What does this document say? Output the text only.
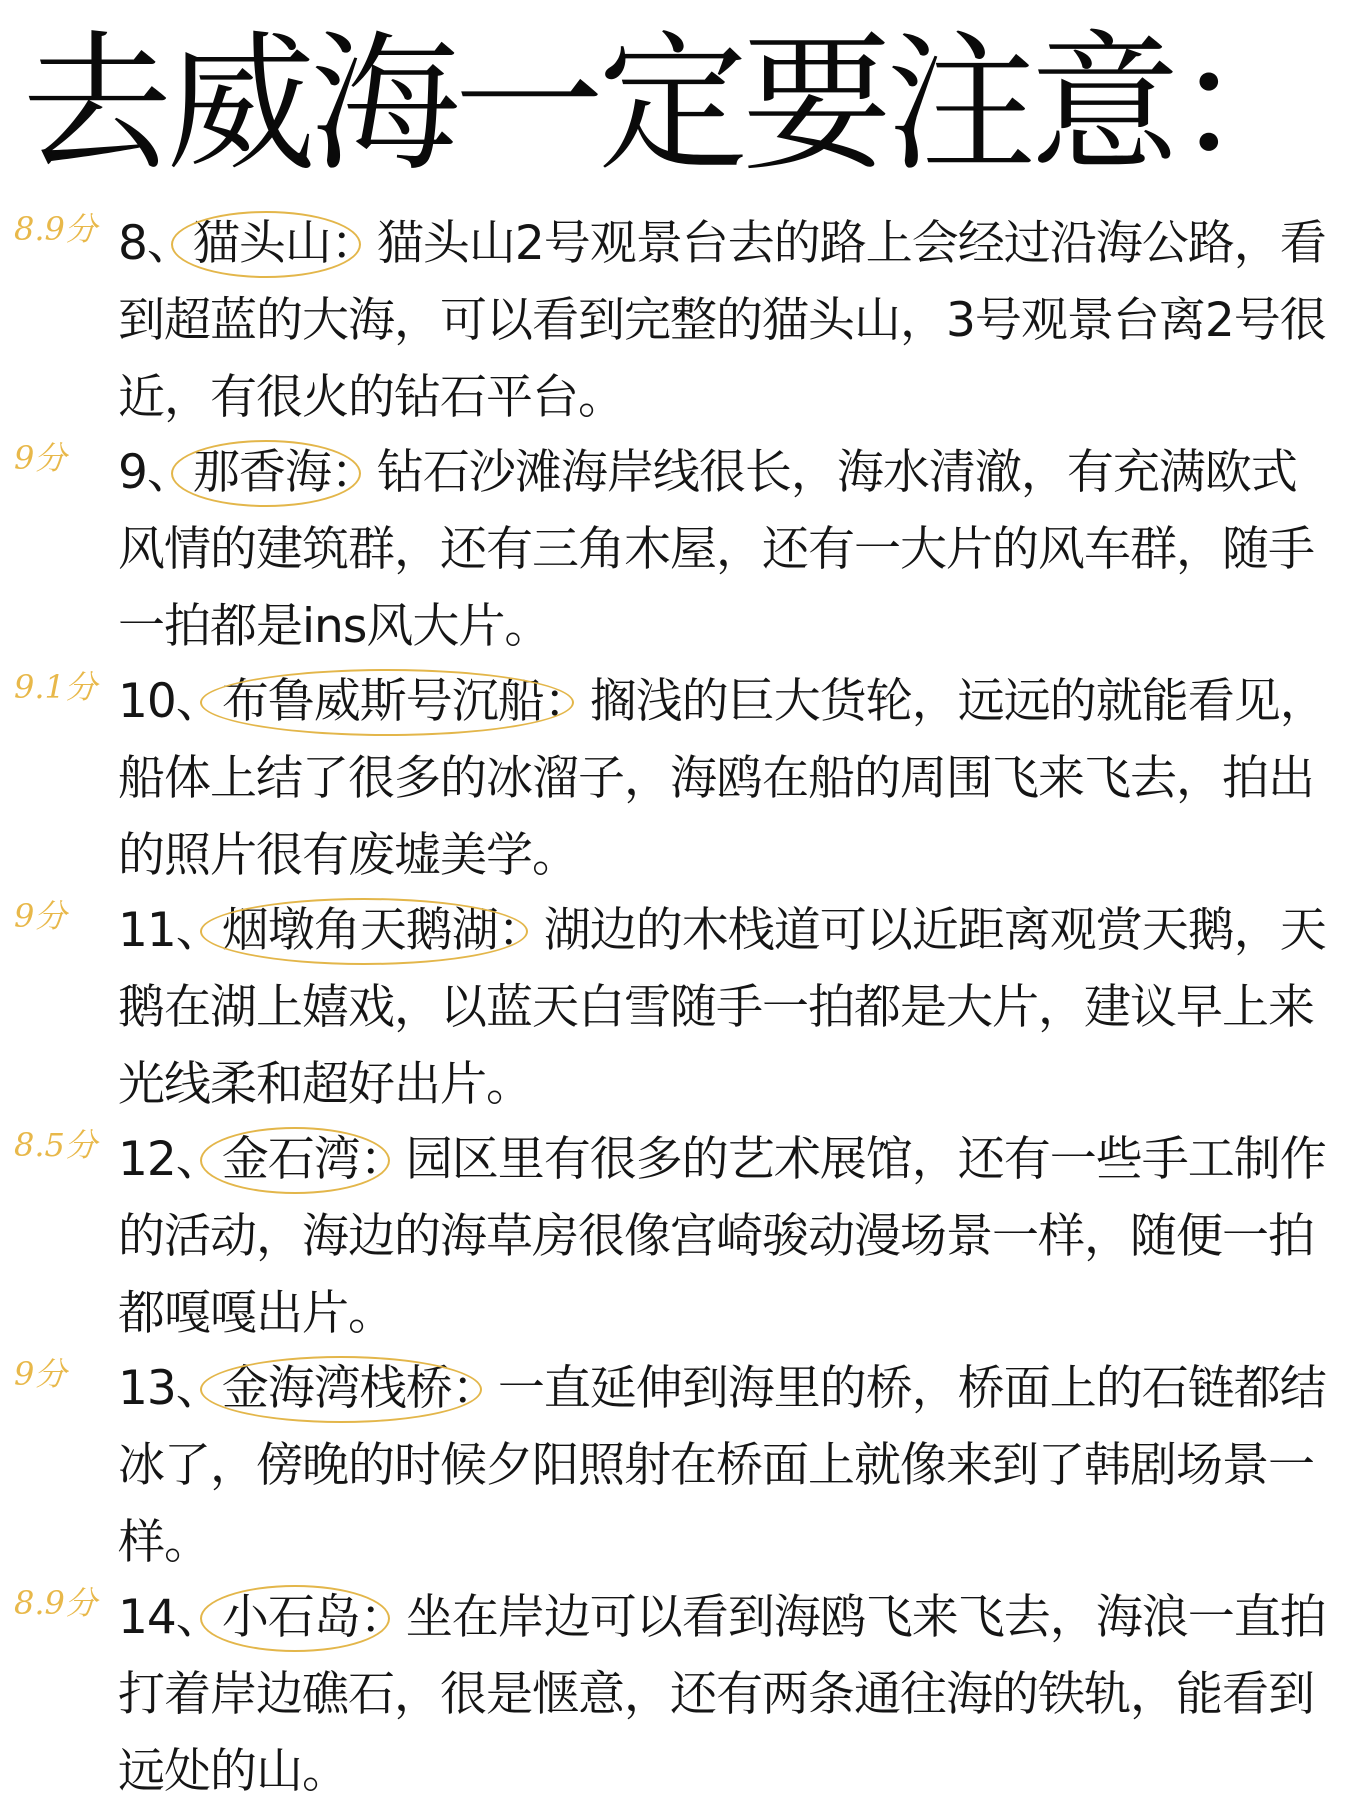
去威海一定要注意：
8.9分 8、
猫头山：猫头山2号观景台去的路上会经过沿海公路，看到超蓝的大海，可以看到完整的猫头山，3号观景台离2号很近，有很火的钻石平台。

9分 9、
那香海：钻石沙滩海岸线很长，海水清澈，有充满欧式风情的建筑群，还有三角木屋，还有一大片的风车群，随手一拍都是ins风大片。

9.1分 10、
布鲁威斯号沉船：搁浅的巨大货轮，远远的就能看见，船体上结了很多的冰溜子，海鸥在船的周围飞来飞去，拍出的照片很有废墟美学。

9分 11、
烟墩角天鹅湖：湖边的木栈道可以近距离观赏天鹅，天鹅在湖上嬉戏，以蓝天白雪随手一拍都是大片，建议早上来光线柔和超好出片。

8.5分 12、
金石湾：园区里有很多的艺术展馆，还有一些手工制作的活动，海边的海草房很像宫崎骏动漫场景一样，随便一拍都嘎嘎出片。

9分 13、
金海湾栈桥：一直延伸到海里的桥，桥面上的石链都结冰了，傍晚的时候夕阳照射在桥面上就像来到了韩剧场景一样。

8.9分 14、
小石岛：坐在岸边可以看到海鸥飞来飞去，海浪一直拍打着岸边礁石，很是惬意，还有两条通往海的铁轨，能看到远处的山。
